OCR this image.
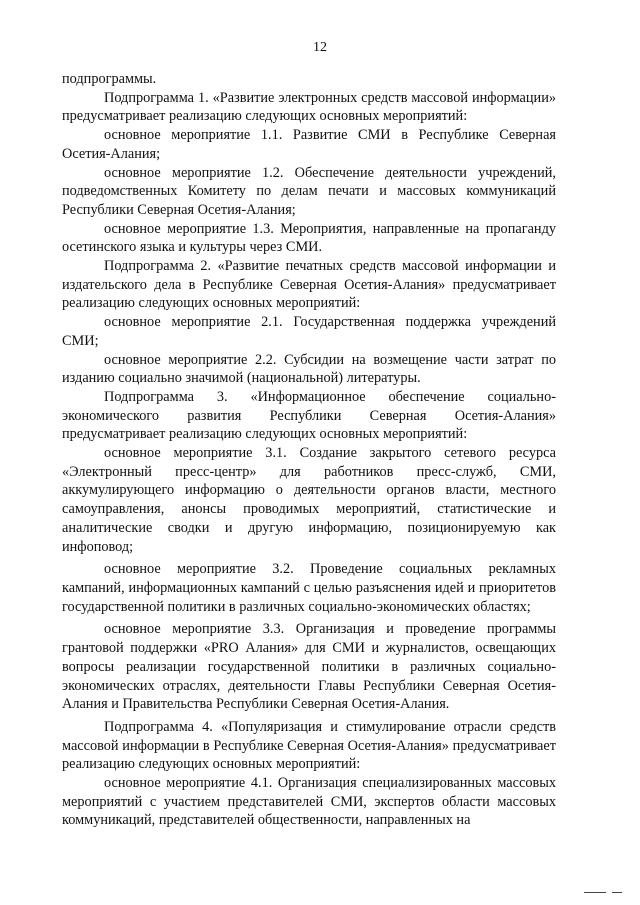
12

подпрограммы.

Подпрограмма 1. «Развитие электронных средств массовой информации» предусматривает реализацию следующих основных мероприятий:

основное мероприятие 1.1. Развитие СМИ в Республике Северная Осетия-Алания;

основное мероприятие 1.2. Обеспечение деятельности учреждений, подведомственных Комитету по делам печати и массовых коммуникаций Республики Северная Осетия-Алания;

основное мероприятие 1.3. Мероприятия, направленные на пропаганду осетинского языка и культуры через СМИ.

Подпрограмма 2. «Развитие печатных средств массовой информации и издательского дела в Республике Северная Осетия-Алания» предусматривает реализацию следующих основных мероприятий:

основное мероприятие 2.1. Государственная поддержка учреждений СМИ;

основное мероприятие 2.2. Субсидии на возмещение части затрат по изданию социально значимой (национальной) литературы.

Подпрограмма 3. «Информационное обеспечение социально-экономического развития Республики Северная Осетия-Алания» предусматривает реализацию следующих основных мероприятий:

основное мероприятие 3.1. Создание закрытого сетевого ресурса «Электронный пресс-центр» для работников пресс-служб, СМИ, аккумулирующего информацию о деятельности органов власти, местного самоуправления, анонсы проводимых мероприятий, статистические и аналитические сводки и другую информацию, позиционируемую как инфоповод;

основное мероприятие 3.2. Проведение социальных рекламных кампаний, информационных кампаний с целью разъяснения идей и приоритетов государственной политики в различных социально-экономических областях;

основное мероприятие 3.3. Организация и проведение программы грантовой поддержки «PRO Алания» для СМИ и журналистов, освещающих вопросы реализации государственной политики в различных социально-экономических отраслях, деятельности Главы Республики Северная Осетия-Алания и Правительства Республики Северная Осетия-Алания.

Подпрограмма 4. «Популяризация и стимулирование отрасли средств массовой информации в Республике Северная Осетия-Алания» предусматривает реализацию следующих основных мероприятий:

основное мероприятие 4.1. Организация специализированных массовых мероприятий с участием представителей СМИ, экспертов области массовых коммуникаций, представителей общественности, направленных на
